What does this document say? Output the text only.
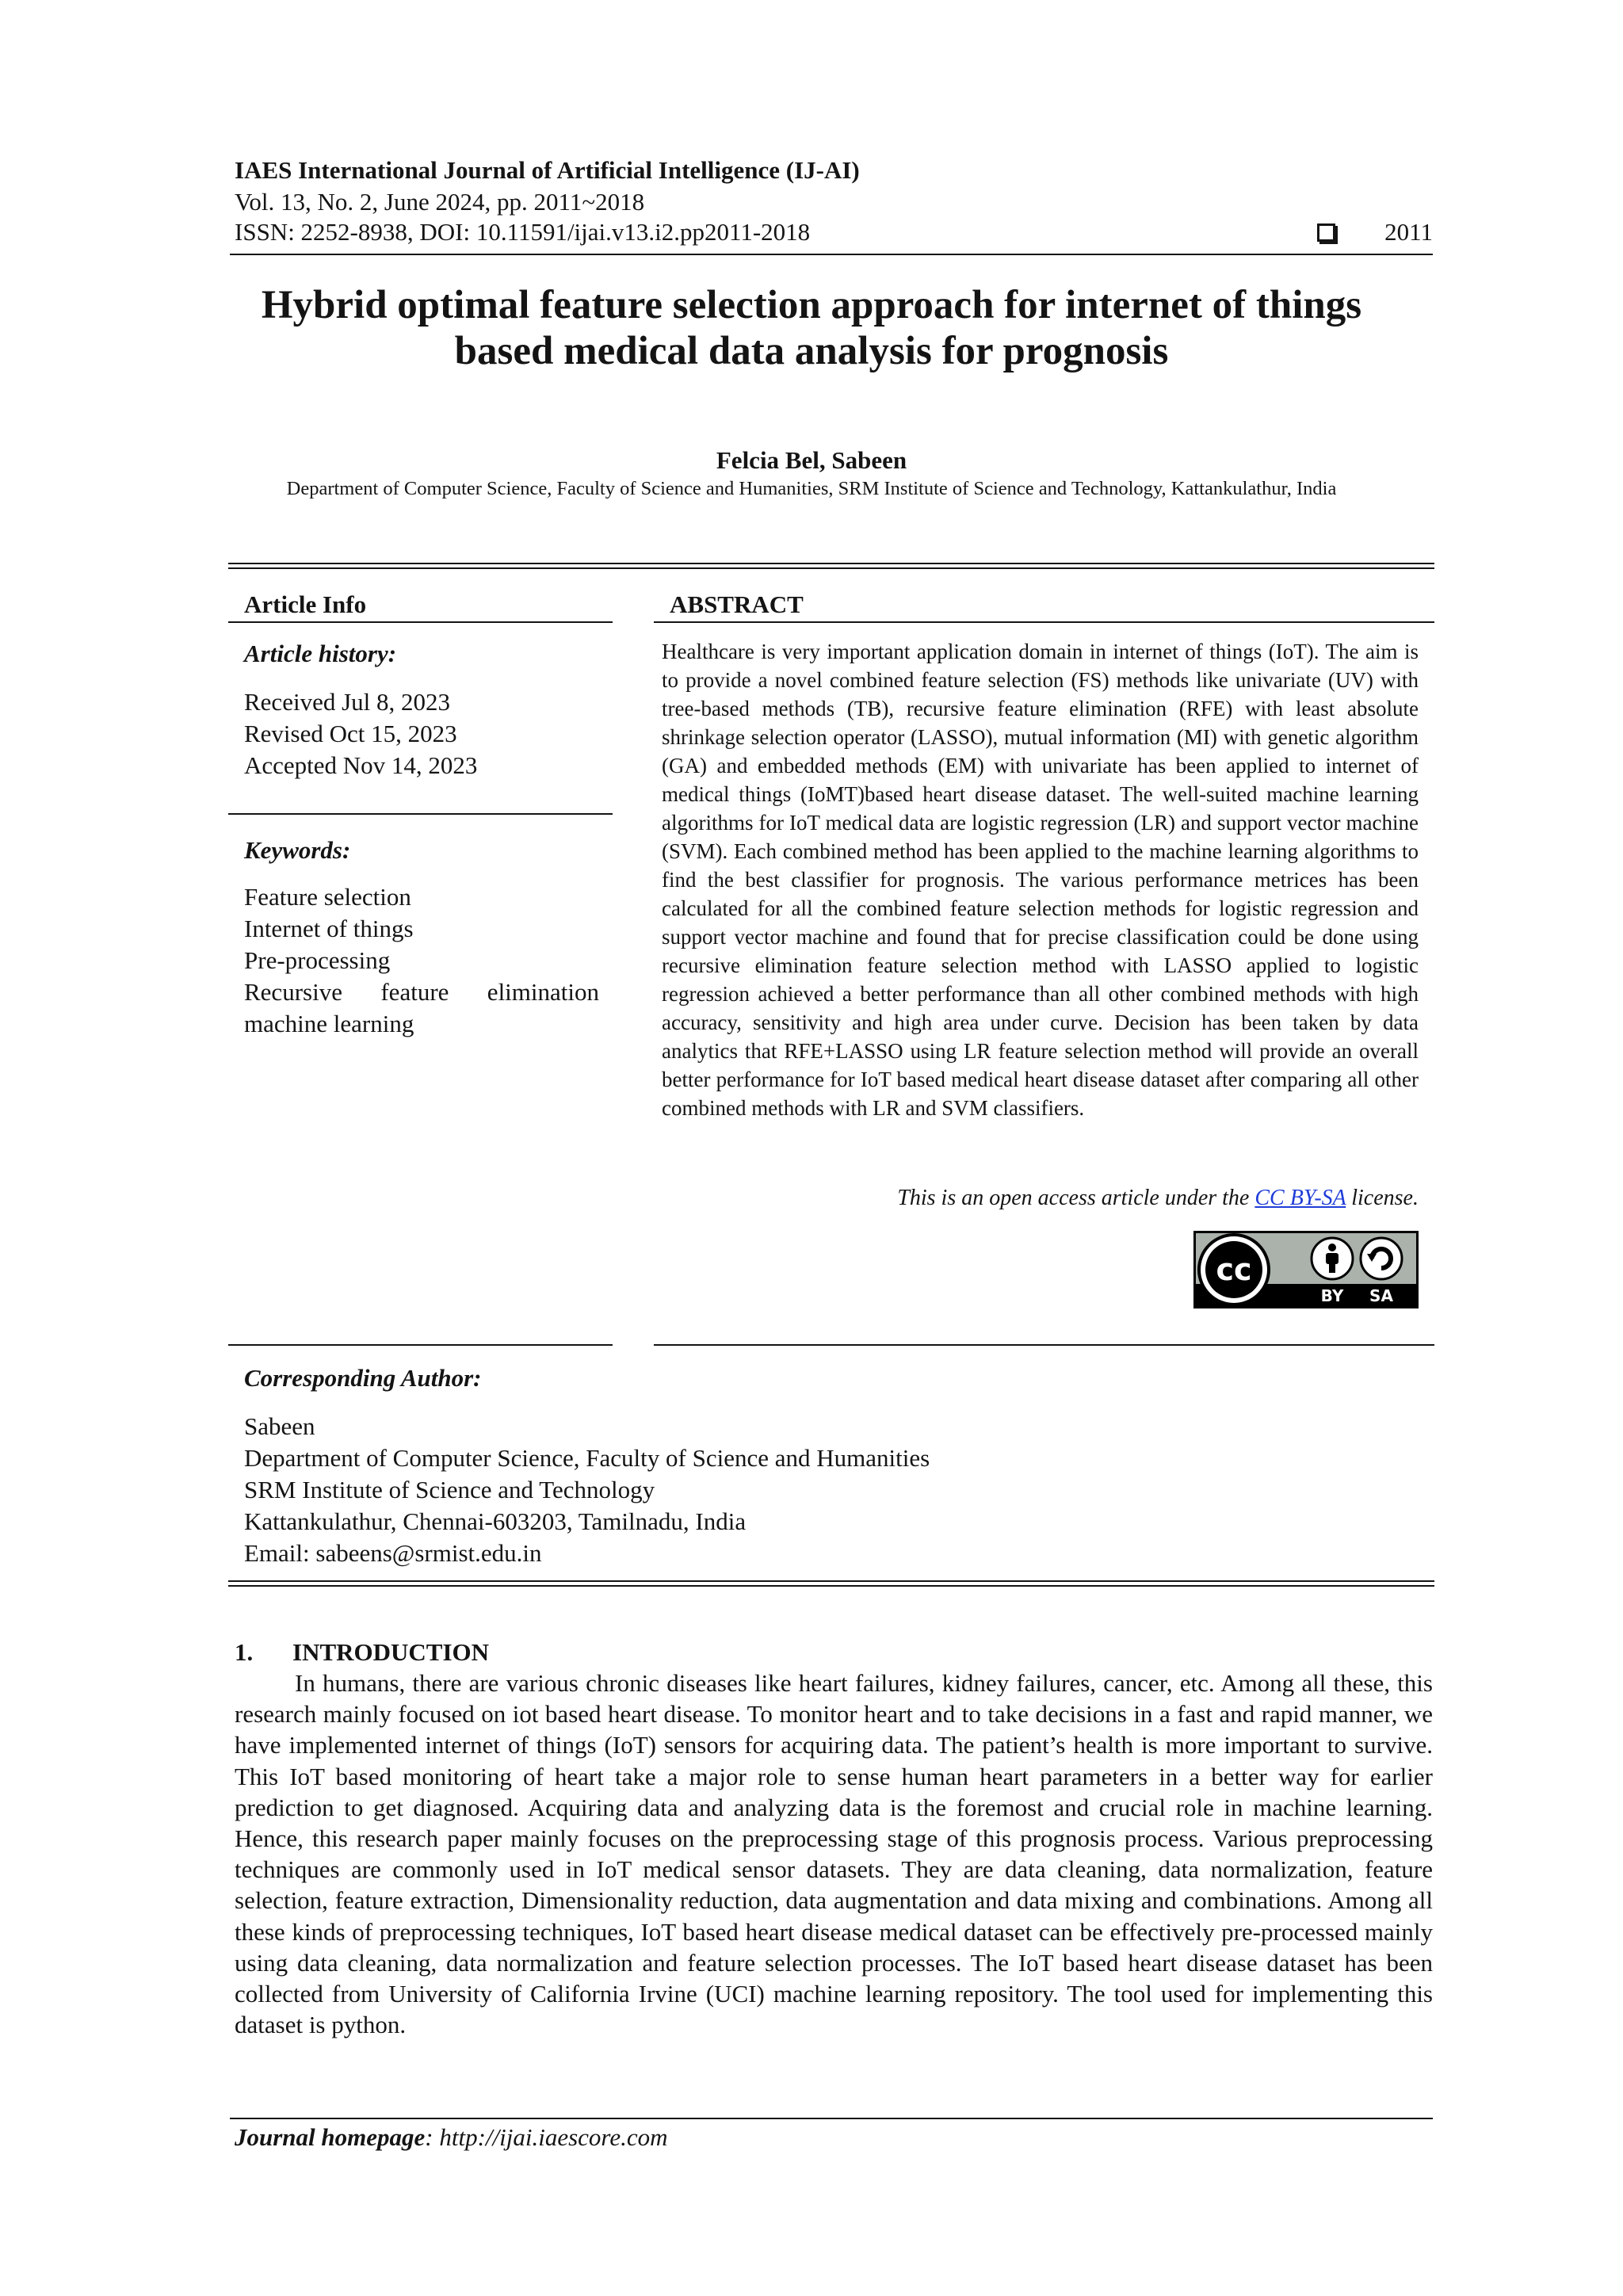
IAES International Journal of Artificial Intelligence (IJ-AI)
Vol. 13, No. 2, June 2024, pp. 2011~2018
ISSN: 2252-8938, DOI: 10.11591/ijai.v13.i2.pp2011-2018	2011
Hybrid optimal feature selection approach for internet of things
based medical data analysis for prognosis
Felcia Bel, Sabeen
Department of Computer Science, Faculty of Science and Humanities, SRM Institute of Science and Technology, Kattankulathur, India
Article Info
Article history:
Received Jul 8, 2023
Revised Oct 15, 2023
Accepted Nov 14, 2023
Keywords:
Feature selection
Internet of things
Pre-processing
Recursive feature elimination
machine learning
ABSTRACT
Healthcare is very important application domain in internet of things (IoT). The aim is to provide a novel combined feature selection (FS) methods like univariate (UV) with tree-based methods (TB), recursive feature elimination (RFE) with least absolute shrinkage selection operator (LASSO), mutual information (MI) with genetic algorithm (GA) and embedded methods (EM) with univariate has been applied to internet of medical things (IoMT)based heart disease dataset. The well-suited machine learning algorithms for IoT medical data are logistic regression (LR) and support vector machine (SVM). Each combined method has been applied to the machine learning algorithms to find the best classifier for prognosis. The various performance metrices has been calculated for all the combined feature selection methods for logistic regression and support vector machine and found that for precise classification could be done using recursive elimination feature selection method with LASSO applied to logistic regression achieved a better performance than all other combined methods with high accuracy, sensitivity and high area under curve. Decision has been taken by data analytics that RFE+LASSO using LR feature selection method will provide an overall better performance for IoT based medical heart disease dataset after comparing all other combined methods with LR and SVM classifiers.
This is an open access article under the CC BY-SA license.
cc
BY SA
Corresponding Author:
Sabeen
Department of Computer Science, Faculty of Science and Humanities
SRM Institute of Science and Technology
Kattankulathur, Chennai-603203, Tamilnadu, India
Email: sabeens@srmist.edu.in
1. INTRODUCTION
In humans, there are various chronic diseases like heart failures, kidney failures, cancer, etc. Among all these, this research mainly focused on iot based heart disease. To monitor heart and to take decisions in a fast and rapid manner, we have implemented internet of things (IoT) sensors for acquiring data. The patient’s health is more important to survive. This IoT based monitoring of heart take a major role to sense human heart parameters in a better way for earlier prediction to get diagnosed. Acquiring data and analyzing data is the foremost and crucial role in machine learning. Hence, this research paper mainly focuses on the preprocessing stage of this prognosis process. Various preprocessing techniques are commonly used in IoT medical sensor datasets. They are data cleaning, data normalization, feature selection, feature extraction, Dimensionality reduction, data augmentation and data mixing and combinations. Among all these kinds of preprocessing techniques, IoT based heart disease medical dataset can be effectively pre-processed mainly using data cleaning, data normalization and feature selection processes. The IoT based heart disease dataset has been collected from University of California Irvine (UCI) machine learning repository. The tool used for implementing this dataset is python.
Journal homepage: http://ijai.iaescore.com
